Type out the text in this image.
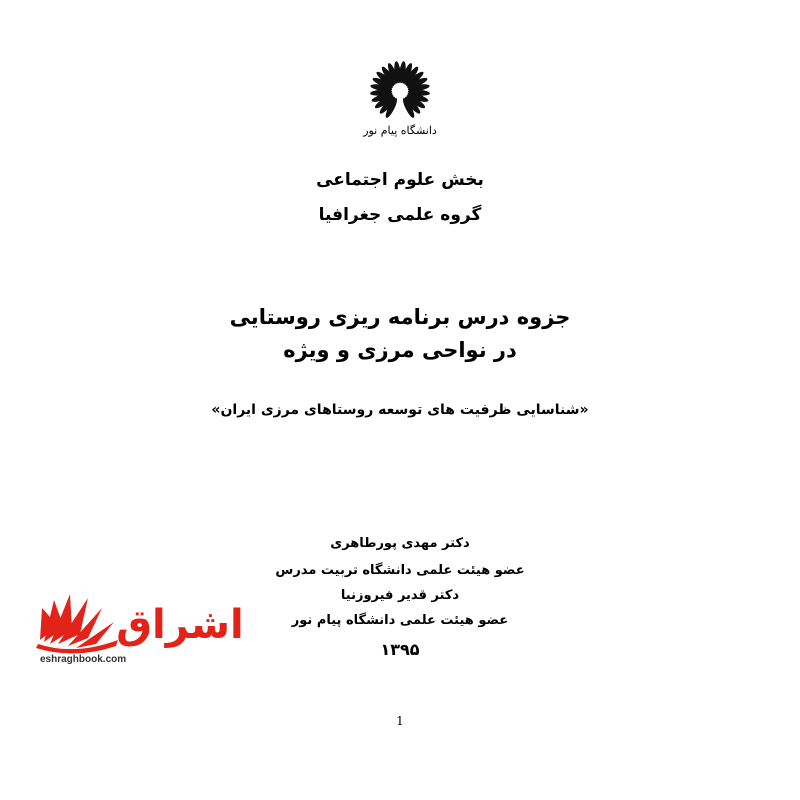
دانشگاه پیام نور
بخش علوم اجتماعی
گروه علمی جغرافیا
جزوه درس برنامه ریزی روستایی
در نواحی مرزی و ویژه
«شناسایی ظرفیت های توسعه روستاهای مرزی ایران»
دکتر مهدی پورطاهری
عضو هیئت علمی دانشگاه تربیت مدرس
دکتر قدیر فیروزنیا
عضو هیئت علمی دانشگاه پیام نور
۱۳۹۵
1
اشراق
eshraghbook.com
